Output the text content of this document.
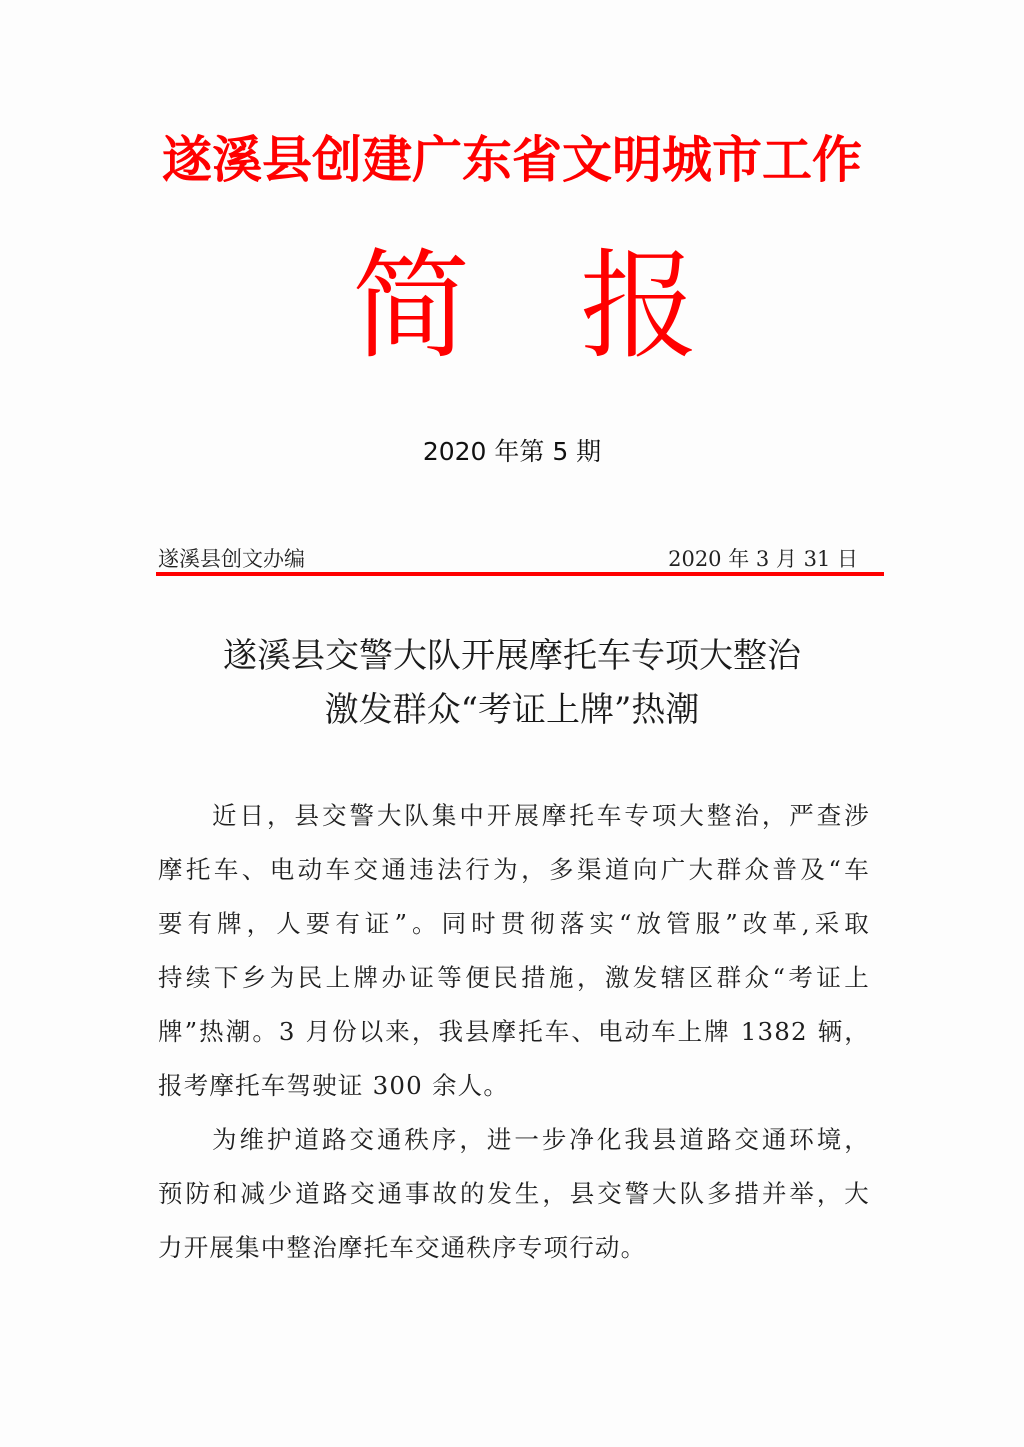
遂溪县创建广东省文明城市工作
简 报
2020 年第 5 期
遂溪县创文办编	2020 年 3 月 31 日
遂溪县交警大队开展摩托车专项大整治
激发群众“考证上牌”热潮
近日，县交警大队集中开展摩托车专项大整治，严查涉
摩托车、电动车交通违法行为，多渠道向广大群众普及“车
要有牌，人要有证”。同时贯彻落实“放管服”改革,采取
持续下乡为民上牌办证等便民措施，激发辖区群众“考证上
牌”热潮。3 月份以来，我县摩托车、电动车上牌 1382 辆，
报考摩托车驾驶证 300 余人。
为维护道路交通秩序，进一步净化我县道路交通环境，
预防和减少道路交通事故的发生，县交警大队多措并举，大
力开展集中整治摩托车交通秩序专项行动。
